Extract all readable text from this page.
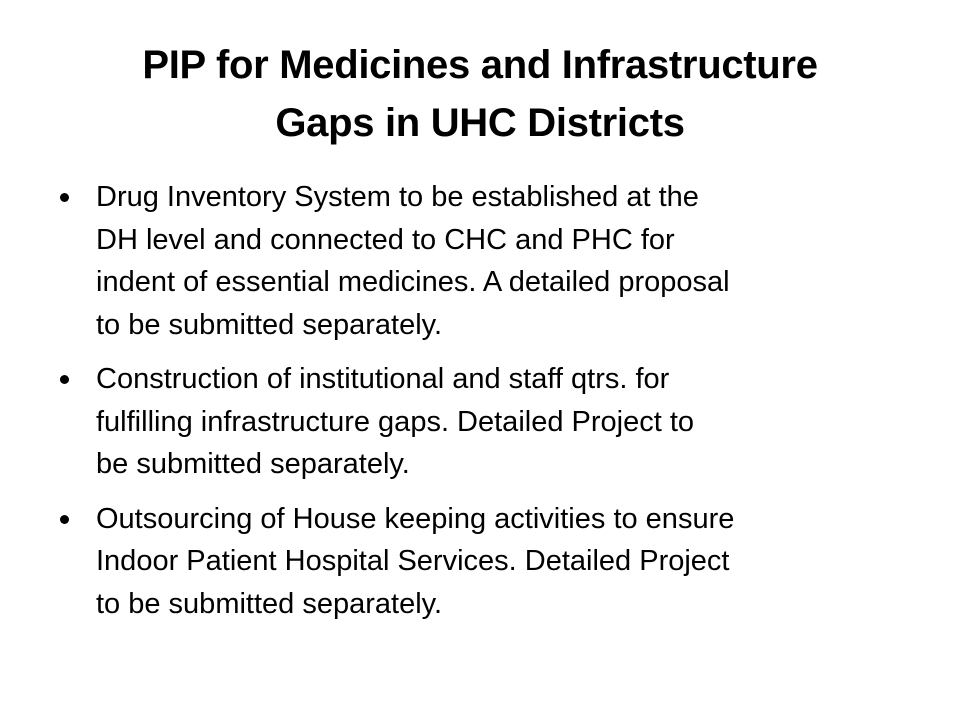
PIP for Medicines and Infrastructure
Gaps in UHC Districts
Drug Inventory System to be established at the
DH level and connected to CHC and PHC for
indent of essential medicines. A detailed proposal
to be submitted separately.
Construction of institutional and staff qtrs. for
fulfilling infrastructure gaps. Detailed Project to
be submitted separately.
Outsourcing of House keeping activities to ensure
Indoor Patient Hospital Services. Detailed Project
to be submitted separately.
